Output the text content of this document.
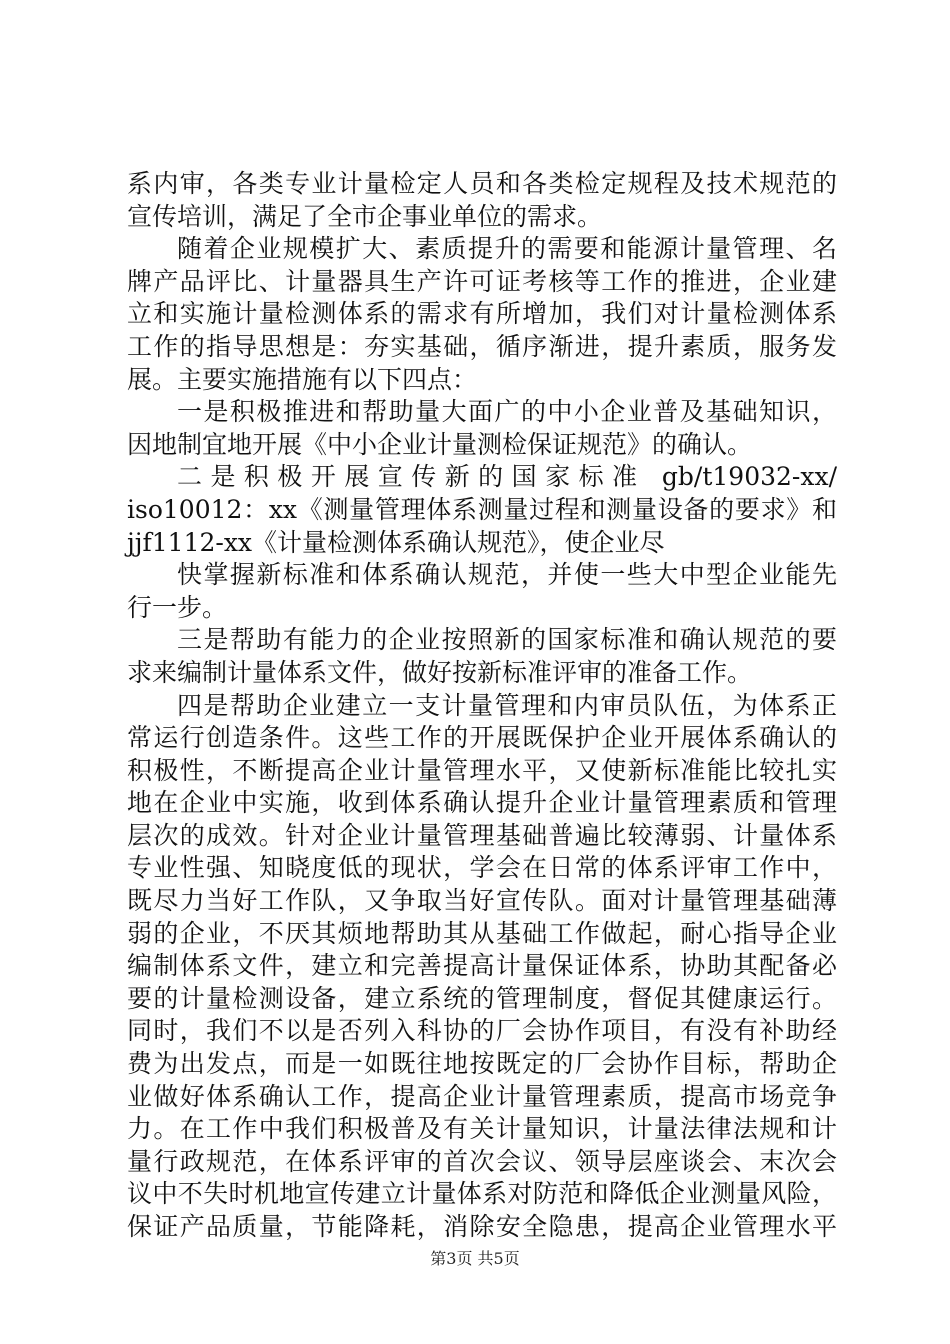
系内审，各类专业计量检定人员和各类检定规程及技术规范的
宣传培训，满足了全市企事业单位的需求。
随着企业规模扩大、素质提升的需要和能源计量管理、名
牌产品评比、计量器具生产许可证考核等工作的推进，企业建
立和实施计量检测体系的需求有所增加，我们对计量检测体系
工作的指导思想是：夯实基础，循序渐进，提升素质，服务发
展。主要实施措施有以下四点：
一是积极推进和帮助量大面广的中小企业普及基础知识，
因地制宜地开展《中小企业计量测检保证规范》的确认。
二是积极开展宣传新的国家标准 gb/t19032-xx/
iso10012：xx《测量管理体系测量过程和测量设备的要求》和
jjf1112-xx《计量检测体系确认规范》，使企业尽
快掌握新标准和体系确认规范，并使一些大中型企业能先
行一步。
三是帮助有能力的企业按照新的国家标准和确认规范的要
求来编制计量体系文件，做好按新标准评审的准备工作。
四是帮助企业建立一支计量管理和内审员队伍，为体系正
常运行创造条件。这些工作的开展既保护企业开展体系确认的
积极性，不断提高企业计量管理水平，又使新标准能比较扎实
地在企业中实施，收到体系确认提升企业计量管理素质和管理
层次的成效。针对企业计量管理基础普遍比较薄弱、计量体系
专业性强、知晓度低的现状，学会在日常的体系评审工作中，
既尽力当好工作队，又争取当好宣传队。面对计量管理基础薄
弱的企业，不厌其烦地帮助其从基础工作做起，耐心指导企业
编制体系文件，建立和完善提高计量保证体系，协助其配备必
要的计量检测设备，建立系统的管理制度，督促其健康运行。
同时，我们不以是否列入科协的厂会协作项目，有没有补助经
费为出发点，而是一如既往地按既定的厂会协作目标，帮助企
业做好体系确认工作，提高企业计量管理素质，提高市场竞争
力。在工作中我们积极普及有关计量知识，计量法律法规和计
量行政规范，在体系评审的首次会议、领导层座谈会、末次会
议中不失时机地宣传建立计量体系对防范和降低企业测量风险，
保证产品质量，节能降耗，消除安全隐患，提高企业管理水平
第3页 共5页
